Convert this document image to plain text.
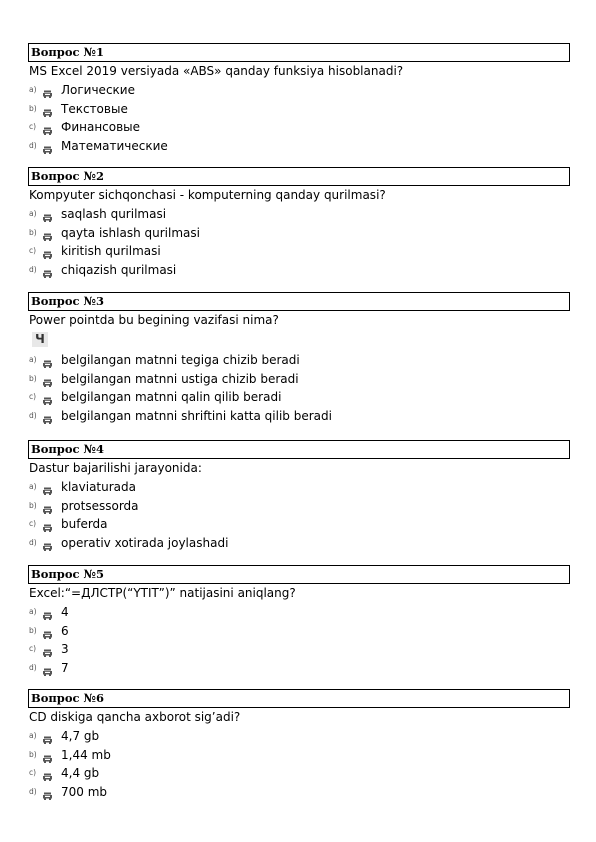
Вопрос №1
MS Excel 2019 versiyada «ABS» qanday funksiya hisoblanadi?
a) Логические
b) Текстовые
c) Финансовые
d) Математические
Вопрос №2
Kompyuter sichqonchasi - komputerning qanday qurilmasi?
a) saqlash qurilmasi
b) qayta ishlash qurilmasi
c) kiritish qurilmasi
d) chiqazish qurilmasi
Вопрос №3
Power pointda bu begining vazifasi nima?
Ч
a) belgilangan matnni tegiga chizib beradi
b) belgilangan matnni ustiga chizib beradi
c) belgilangan matnni qalin qilib beradi
d) belgilangan matnni shriftini katta qilib beradi
Вопрос №4
Dastur bajarilishi jarayonida:
a) klaviaturada
b) protsessorda
c) buferda
d) operativ xotirada joylashadi
Вопрос №5
Excel:“=ДЛСТР(“YTIT”)” natijasini aniqlang?
a) 4
b) 6
c) 3
d) 7
Вопрос №6
CD diskiga qancha axborot sig’adi?
a) 4,7 gb
b) 1,44 mb
c) 4,4 gb
d) 700 mb
